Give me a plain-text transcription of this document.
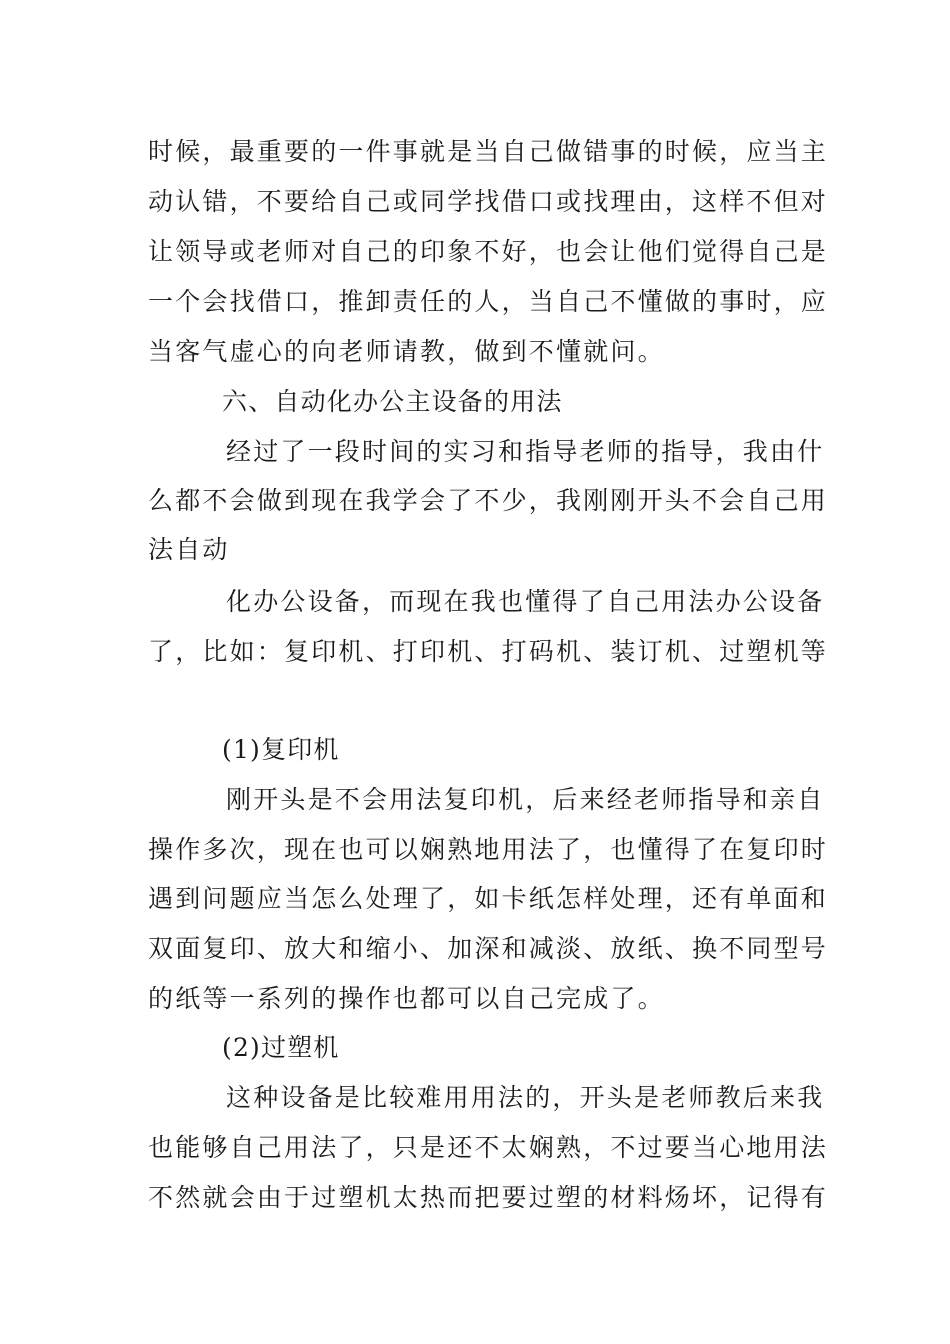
时候，最重要的一件事就是当自己做错事的时候，应当主
动认错，不要给自己或同学找借口或找理由，这样不但对
让领导或老师对自己的印象不好，也会让他们觉得自己是
一个会找借口，推卸责任的人，当自己不懂做的事时，应
当客气虚心的向老师请教，做到不懂就问。
六、自动化办公主设备的用法
经过了一段时间的实习和指导老师的指导，我由什
么都不会做到现在我学会了不少，我刚刚开头不会自己用
法自动
化办公设备，而现在我也懂得了自己用法办公设备
了，比如：复印机、打印机、打码机、装订机、过塑机等
(1)复印机
刚开头是不会用法复印机，后来经老师指导和亲自
操作多次，现在也可以娴熟地用法了，也懂得了在复印时
遇到问题应当怎么处理了，如卡纸怎样处理，还有单面和
双面复印、放大和缩小、加深和减淡、放纸、换不同型号
的纸等一系列的操作也都可以自己完成了。
(2)过塑机
这种设备是比较难用用法的，开头是老师教后来我
也能够自己用法了，只是还不太娴熟，不过要当心地用法
不然就会由于过塑机太热而把要过塑的材料炀坏，记得有
